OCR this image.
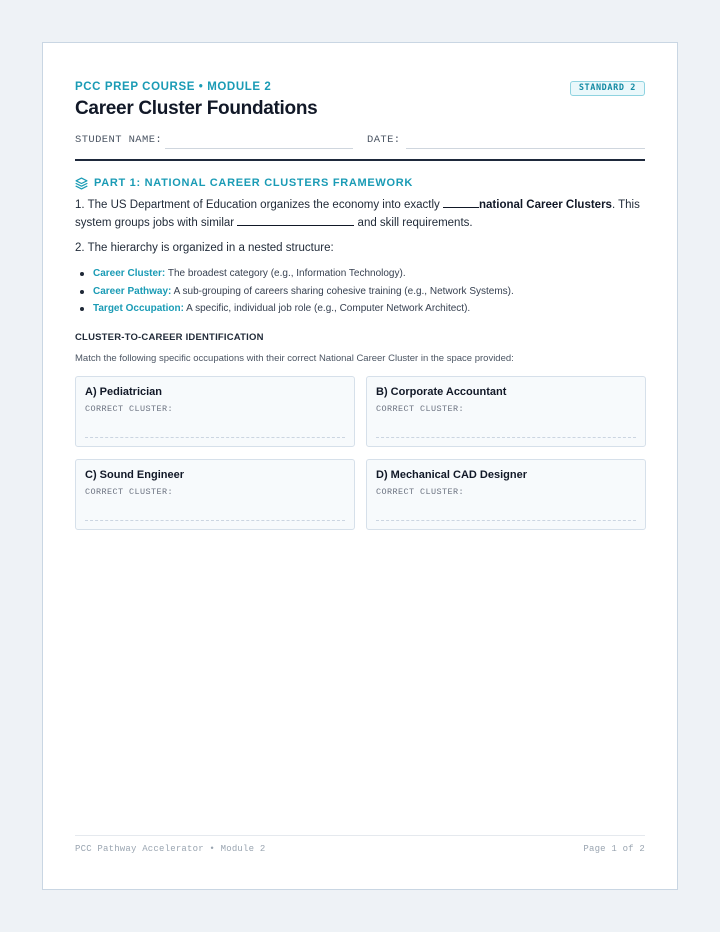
PCC PREP COURSE • MODULE 2	STANDARD 2
Career Cluster Foundations
STUDENT NAME:	DATE:
PART 1: NATIONAL CAREER CLUSTERS FRAMEWORK

1. The US Department of Education organizes the economy into exactly	national Career Clusters. This system groups jobs with similar	and skill requirements.

2. The hierarchy is organized in a nested structure:

Career Cluster: The broadest category (e.g., Information Technology).
Career Pathway: A sub-grouping of careers sharing cohesive training (e.g., Network Systems).
Target Occupation: A specific, individual job role (e.g., Computer Network Architect).
CLUSTER-TO-CAREER IDENTIFICATION

Match the following specific occupations with their correct National Career Cluster in the space provided:

A) Pediatrician
CORRECT CLUSTER:
B) Corporate Accountant
CORRECT CLUSTER:
C) Sound Engineer
CORRECT CLUSTER:
D) Mechanical CAD Designer
CORRECT CLUSTER:
PCC Pathway Accelerator • Module 2	Page 1 of 2
